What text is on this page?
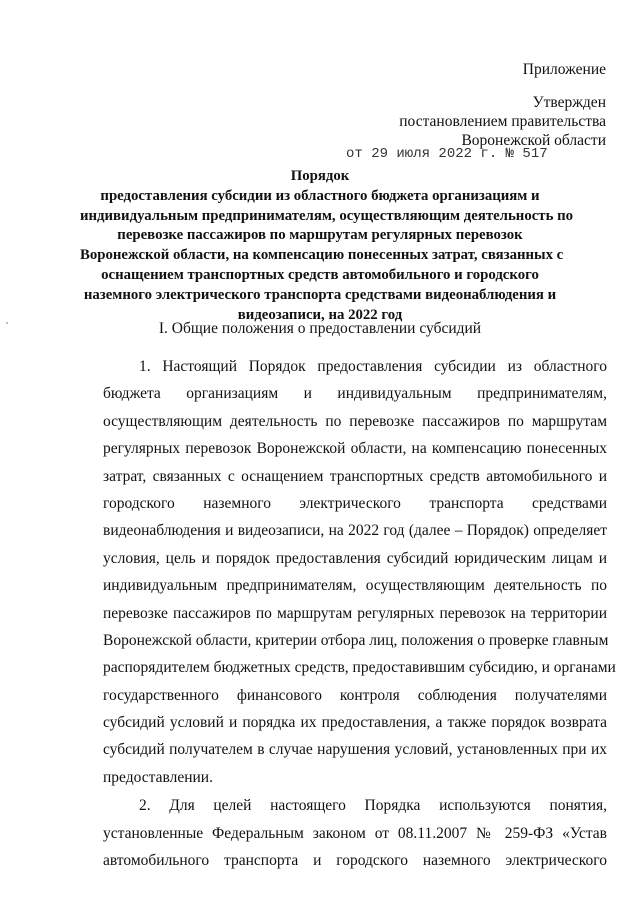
Приложение
Утвержден
постановлением правительства
Воронежской области
от 29 июля 2022 г. № 517
Порядок
предоставления субсидии из областного бюджета организациям и
индивидуальным предпринимателям, осуществляющим деятельность по
перевозке пассажиров по маршрутам регулярных перевозок
Воронежской области, на компенсацию понесенных затрат, связанных с
оснащением транспортных средств автомобильного и городского
наземного электрического транспорта средствами видеонаблюдения и
видеозаписи, на 2022 год
I. Общие положения о предоставлении субсидий
1. Настоящий Порядок предоставления субсидии из областного
бюджета организациям и индивидуальным предпринимателям,
осуществляющим деятельность по перевозке пассажиров по маршрутам
регулярных перевозок Воронежской области, на компенсацию понесенных
затрат, связанных с оснащением транспортных средств автомобильного и
городского наземного электрического транспорта средствами
видеонаблюдения и видеозаписи, на 2022 год (далее – Порядок) определяет
условия, цель и порядок предоставления субсидий юридическим лицам и
индивидуальным предпринимателям, осуществляющим деятельность по
перевозке пассажиров по маршрутам регулярных перевозок на территории
Воронежской области, критерии отбора лиц, положения о проверке главным
распорядителем бюджетных средств, предоставившим субсидию, и органами
государственного финансового контроля соблюдения получателями
субсидий условий и порядка их предоставления, а также порядок возврата
субсидий получателем в случае нарушения условий, установленных при их
предоставлении.
2. Для целей настоящего Порядка используются понятия,
установленные Федеральным законом от 08.11.2007 № 259-ФЗ «Устав
автомобильного транспорта и городского наземного электрического
